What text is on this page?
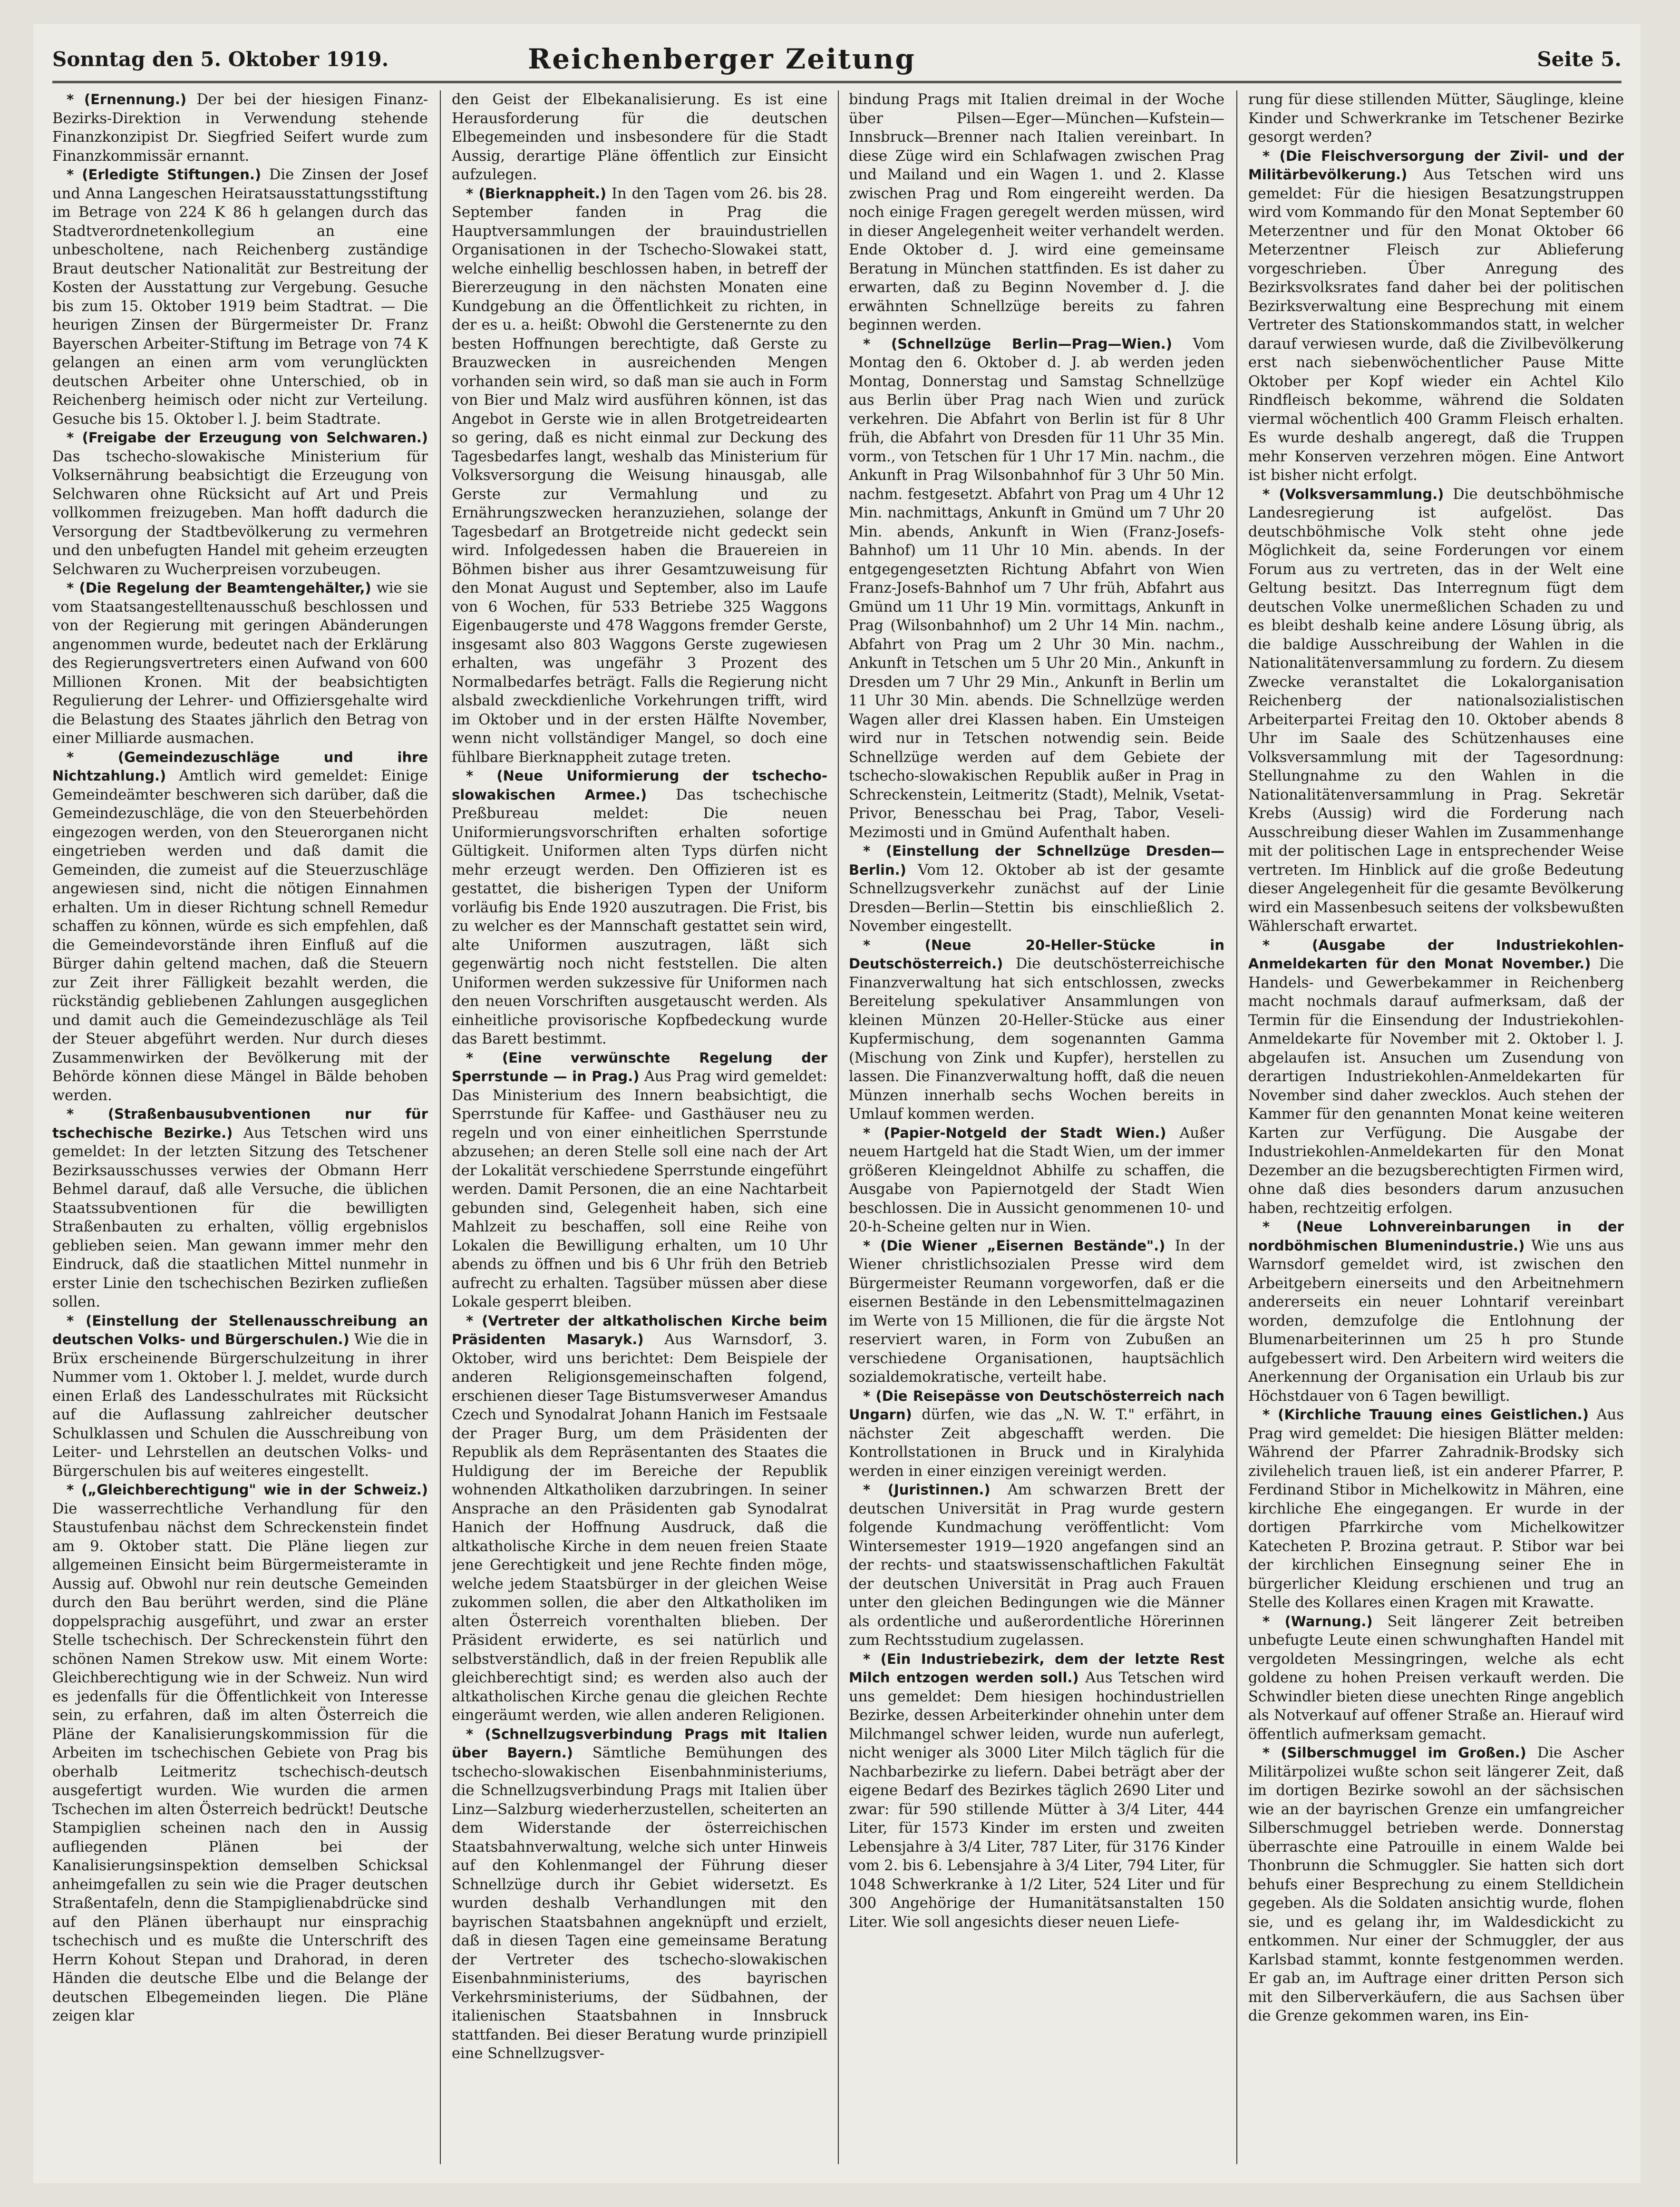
Sonntag den 5. Oktober 1919.	Reichenberger Zeitung	Seite 5.

* (Ernennung.) Der bei der hiesigen Finanz-Bezirks-Direktion in Verwendung stehende Finanzkonzipist Dr. Siegfried Seifert wurde zum Finanzkommissär ernannt.

* (Erledigte Stiftungen.) Die Zinsen der Josef und Anna Langeschen Heiratsausstattungsstiftung im Betrage von 224 K 86 h gelangen durch das Stadtverordnetenkollegium an eine unbescholtene, nach Reichenberg zuständige Braut deutscher Nationalität zur Bestreitung der Kosten der Ausstattung zur Vergebung. Gesuche bis zum 15. Oktober 1919 beim Stadtrat. — Die heurigen Zinsen der Bürgermeister Dr. Franz Bayerschen Arbeiter-Stiftung im Betrage von 74 K gelangen an einen arm vom verunglückten deutschen Arbeiter ohne Unterschied, ob in Reichenberg heimisch oder nicht zur Verteilung. Gesuche bis 15. Oktober l. J. beim Stadtrate.

* (Freigabe der Erzeugung von Selchwaren.) Das tschecho-slowakische Ministerium für Volksernährung beabsichtigt die Erzeugung von Selchwaren ohne Rücksicht auf Art und Preis vollkommen freizugeben. Man hofft dadurch die Versorgung der Stadtbevölkerung zu vermehren und den unbefugten Handel mit geheim erzeugten Selchwaren zu Wucherpreisen vorzubeugen.

* (Die Regelung der Beamtengehälter,) wie sie vom Staatsangestelltenausschuß beschlossen und von der Regierung mit geringen Abänderungen angenommen wurde, bedeutet nach der Erklärung des Regierungsvertreters einen Aufwand von 600 Millionen Kronen. Mit der beabsichtigten Regulierung der Lehrer- und Offiziersgehalte wird die Belastung des Staates jährlich den Betrag von einer Milliarde ausmachen.

* (Gemeindezuschläge und ihre Nichtzahlung.) Amtlich wird gemeldet: Einige Gemeindeämter beschweren sich darüber, daß die Gemeindezuschläge, die von den Steuerbehörden eingezogen werden, von den Steuerorganen nicht eingetrieben werden und daß damit die Gemeinden, die zumeist auf die Steuerzuschläge angewiesen sind, nicht die nötigen Einnahmen erhalten. Um in dieser Richtung schnell Remedur schaffen zu können, würde es sich empfehlen, daß die Gemeindevorstände ihren Einfluß auf die Bürger dahin geltend machen, daß die Steuern zur Zeit ihrer Fälligkeit bezahlt werden, die rückständig gebliebenen Zahlungen ausgeglichen und damit auch die Gemeindezuschläge als Teil der Steuer abgeführt werden. Nur durch dieses Zusammenwirken der Bevölkerung mit der Behörde können diese Mängel in Bälde behoben werden.

* (Straßenbausubventionen nur für tschechische Bezirke.) Aus Tetschen wird uns gemeldet: In der letzten Sitzung des Tetschener Bezirksausschusses verwies der Obmann Herr Behmel darauf, daß alle Versuche, die üblichen Staatssubventionen für die bewilligten Straßenbauten zu erhalten, völlig ergebnislos geblieben seien. Man gewann immer mehr den Eindruck, daß die staatlichen Mittel nunmehr in erster Linie den tschechischen Bezirken zufließen sollen.

* (Einstellung der Stellenausschreibung an deutschen Volks- und Bürgerschulen.) Wie die in Brüx erscheinende Bürgerschulzeitung in ihrer Nummer vom 1. Oktober l. J. meldet, wurde durch einen Erlaß des Landesschulrates mit Rücksicht auf die Auflassung zahlreicher deutscher Schulklassen und Schulen die Ausschreibung von Leiter- und Lehrstellen an deutschen Volks- und Bürgerschulen bis auf weiteres eingestellt.

* („Gleichberechtigung" wie in der Schweiz.) Die wasserrechtliche Verhandlung für den Staustufenbau nächst dem Schreckenstein findet am 9. Oktober statt. Die Pläne liegen zur allgemeinen Einsicht beim Bürgermeisteramte in Aussig auf. Obwohl nur rein deutsche Gemeinden durch den Bau berührt werden, sind die Pläne doppelsprachig ausgeführt, und zwar an erster Stelle tschechisch. Der Schreckenstein führt den schönen Namen Strekow usw. Mit einem Worte: Gleichberechtigung wie in der Schweiz. Nun wird es jedenfalls für die Öffentlichkeit von Interesse sein, zu erfahren, daß im alten Österreich die Pläne der Kanalisierungskommission für die Arbeiten im tschechischen Gebiete von Prag bis oberhalb Leitmeritz tschechisch-deutsch ausgefertigt wurden. Wie wurden die armen Tschechen im alten Österreich bedrückt! Deutsche Stampiglien scheinen nach den in Aussig aufliegenden Plänen bei der Kanalisierungsinspektion demselben Schicksal anheimgefallen zu sein wie die Prager deutschen Straßentafeln, denn die Stampiglienabdrücke sind auf den Plänen überhaupt nur einsprachig tschechisch und es mußte die Unterschrift des Herrn Kohout Stepan und Drahorad, in deren Händen die deutsche Elbe und die Belange der deutschen Elbegemeinden liegen. Die Pläne zeigen klar

den Geist der Elbekanalisierung. Es ist eine Herausforderung für die deutschen Elbegemeinden und insbesondere für die Stadt Aussig, derartige Pläne öffentlich zur Einsicht aufzulegen.

* (Bierknappheit.) In den Tagen vom 26. bis 28. September fanden in Prag die Hauptversammlungen der brauindustriellen Organisationen in der Tschecho-Slowakei statt, welche einhellig beschlossen haben, in betreff der Biererzeugung in den nächsten Monaten eine Kundgebung an die Öffentlichkeit zu richten, in der es u. a. heißt: Obwohl die Gerstenernte zu den besten Hoffnungen berechtigte, daß Gerste zu Brauzwecken in ausreichenden Mengen vorhanden sein wird, so daß man sie auch in Form von Bier und Malz wird ausführen können, ist das Angebot in Gerste wie in allen Brotgetreidearten so gering, daß es nicht einmal zur Deckung des Tagesbedarfes langt, weshalb das Ministerium für Volksversorgung die Weisung hinausgab, alle Gerste zur Vermahlung und zu Ernährungszwecken heranzuziehen, solange der Tagesbedarf an Brotgetreide nicht gedeckt sein wird. Infolgedessen haben die Brauereien in Böhmen bisher aus ihrer Gesamtzuweisung für den Monat August und September, also im Laufe von 6 Wochen, für 533 Betriebe 325 Waggons Eigenbaugerste und 478 Waggons fremder Gerste, insgesamt also 803 Waggons Gerste zugewiesen erhalten, was ungefähr 3 Prozent des Normalbedarfes beträgt. Falls die Regierung nicht alsbald zweckdienliche Vorkehrungen trifft, wird im Oktober und in der ersten Hälfte November, wenn nicht vollständiger Mangel, so doch eine fühlbare Bierknappheit zutage treten.

* (Neue Uniformierung der tschecho-slowakischen Armee.) Das tschechische Preßbureau meldet: Die neuen Uniformierungsvorschriften erhalten sofortige Gültigkeit. Uniformen alten Typs dürfen nicht mehr erzeugt werden. Den Offizieren ist es gestattet, die bisherigen Typen der Uniform vorläufig bis Ende 1920 auszutragen. Die Frist, bis zu welcher es der Mannschaft gestattet sein wird, alte Uniformen auszutragen, läßt sich gegenwärtig noch nicht feststellen. Die alten Uniformen werden sukzessive für Uniformen nach den neuen Vorschriften ausgetauscht werden. Als einheitliche provisorische Kopfbedeckung wurde das Barett bestimmt.

* (Eine verwünschte Regelung der Sperrstunde — in Prag.) Aus Prag wird gemeldet: Das Ministerium des Innern beabsichtigt, die Sperrstunde für Kaffee- und Gasthäuser neu zu regeln und von einer einheitlichen Sperrstunde abzusehen; an deren Stelle soll eine nach der Art der Lokalität verschiedene Sperrstunde eingeführt werden. Damit Personen, die an eine Nachtarbeit gebunden sind, Gelegenheit haben, sich eine Mahlzeit zu beschaffen, soll eine Reihe von Lokalen die Bewilligung erhalten, um 10 Uhr abends zu öffnen und bis 6 Uhr früh den Betrieb aufrecht zu erhalten. Tagsüber müssen aber diese Lokale gesperrt bleiben.

* (Vertreter der altkatholischen Kirche beim Präsidenten Masaryk.) Aus Warnsdorf, 3. Oktober, wird uns berichtet: Dem Beispiele der anderen Religionsgemeinschaften folgend, erschienen dieser Tage Bistumsverweser Amandus Czech und Synodalrat Johann Hanich im Festsaale der Prager Burg, um dem Präsidenten der Republik als dem Repräsentanten des Staates die Huldigung der im Bereiche der Republik wohnenden Altkatholiken darzubringen. In seiner Ansprache an den Präsidenten gab Synodalrat Hanich der Hoffnung Ausdruck, daß die altkatholische Kirche in dem neuen freien Staate jene Gerechtigkeit und jene Rechte finden möge, welche jedem Staatsbürger in der gleichen Weise zukommen sollen, die aber den Altkatholiken im alten Österreich vorenthalten blieben. Der Präsident erwiderte, es sei natürlich und selbstverständlich, daß in der freien Republik alle gleichberechtigt sind; es werden also auch der altkatholischen Kirche genau die gleichen Rechte eingeräumt werden, wie allen anderen Religionen.

* (Schnellzugsverbindung Prags mit Italien über Bayern.) Sämtliche Bemühungen des tschecho-slowakischen Eisenbahnministeriums, die Schnellzugsverbindung Prags mit Italien über Linz—Salzburg wiederherzustellen, scheiterten an dem Widerstande der österreichischen Staatsbahnverwaltung, welche sich unter Hinweis auf den Kohlenmangel der Führung dieser Schnellzüge durch ihr Gebiet widersetzt. Es wurden deshalb Verhandlungen mit den bayrischen Staatsbahnen angeknüpft und erzielt, daß in diesen Tagen eine gemeinsame Beratung der Vertreter des tschecho-slowakischen Eisenbahnministeriums, des bayrischen Verkehrsministeriums, der Südbahnen, der italienischen Staatsbahnen in Innsbruck stattfanden. Bei dieser Beratung wurde prinzipiell eine Schnellzugsver-

bindung Prags mit Italien dreimal in der Woche über Pilsen—Eger—München—Kufstein—Innsbruck—Brenner nach Italien vereinbart. In diese Züge wird ein Schlafwagen zwischen Prag und Mailand und ein Wagen 1. und 2. Klasse zwischen Prag und Rom eingereiht werden. Da noch einige Fragen geregelt werden müssen, wird in dieser Angelegenheit weiter verhandelt werden. Ende Oktober d. J. wird eine gemeinsame Beratung in München stattfinden. Es ist daher zu erwarten, daß zu Beginn November d. J. die erwähnten Schnellzüge bereits zu fahren beginnen werden.

* (Schnellzüge Berlin—Prag—Wien.) Vom Montag den 6. Oktober d. J. ab werden jeden Montag, Donnerstag und Samstag Schnellzüge aus Berlin über Prag nach Wien und zurück verkehren. Die Abfahrt von Berlin ist für 8 Uhr früh, die Abfahrt von Dresden für 11 Uhr 35 Min. vorm., von Tetschen für 1 Uhr 17 Min. nachm., die Ankunft in Prag Wilsonbahnhof für 3 Uhr 50 Min. nachm. festgesetzt. Abfahrt von Prag um 4 Uhr 12 Min. nachmittags, Ankunft in Gmünd um 7 Uhr 20 Min. abends, Ankunft in Wien (Franz-Josefs-Bahnhof) um 11 Uhr 10 Min. abends. In der entgegengesetzten Richtung Abfahrt von Wien Franz-Josefs-Bahnhof um 7 Uhr früh, Abfahrt aus Gmünd um 11 Uhr 19 Min. vormittags, Ankunft in Prag (Wilsonbahnhof) um 2 Uhr 14 Min. nachm., Abfahrt von Prag um 2 Uhr 30 Min. nachm., Ankunft in Tetschen um 5 Uhr 20 Min., Ankunft in Dresden um 7 Uhr 29 Min., Ankunft in Berlin um 11 Uhr 30 Min. abends. Die Schnellzüge werden Wagen aller drei Klassen haben. Ein Umsteigen wird nur in Tetschen notwendig sein. Beide Schnellzüge werden auf dem Gebiete der tschecho-slowakischen Republik außer in Prag in Schreckenstein, Leitmeritz (Stadt), Melnik, Vsetat-Privor, Benesschau bei Prag, Tabor, Veseli-Mezimosti und in Gmünd Aufenthalt haben.

* (Einstellung der Schnellzüge Dresden—Berlin.) Vom 12. Oktober ab ist der gesamte Schnellzugsverkehr zunächst auf der Linie Dresden—Berlin—Stettin bis einschließlich 2. November eingestellt.

* (Neue 20-Heller-Stücke in Deutschösterreich.) Die deutschösterreichische Finanzverwaltung hat sich entschlossen, zwecks Bereitelung spekulativer Ansammlungen von kleinen Münzen 20-Heller-Stücke aus einer Kupfermischung, dem sogenannten Gamma (Mischung von Zink und Kupfer), herstellen zu lassen. Die Finanzverwaltung hofft, daß die neuen Münzen innerhalb sechs Wochen bereits in Umlauf kommen werden.

* (Papier-Notgeld der Stadt Wien.) Außer neuem Hartgeld hat die Stadt Wien, um der immer größeren Kleingeldnot Abhilfe zu schaffen, die Ausgabe von Papiernotgeld der Stadt Wien beschlossen. Die in Aussicht genommenen 10- und 20-h-Scheine gelten nur in Wien.

* (Die Wiener „Eisernen Bestände".) In der Wiener christlichsozialen Presse wird dem Bürgermeister Reumann vorgeworfen, daß er die eisernen Bestände in den Lebensmittelmagazinen im Werte von 15 Millionen, die für die ärgste Not reserviert waren, in Form von Zubußen an verschiedene Organisationen, hauptsächlich sozialdemokratische, verteilt habe.

* (Die Reisepässe von Deutschösterreich nach Ungarn) dürfen, wie das „N. W. T." erfährt, in nächster Zeit abgeschafft werden. Die Kontrollstationen in Bruck und in Kiralyhida werden in einer einzigen vereinigt werden.

* (Juristinnen.) Am schwarzen Brett der deutschen Universität in Prag wurde gestern folgende Kundmachung veröffentlicht: Vom Wintersemester 1919—1920 angefangen sind an der rechts- und staatswissenschaftlichen Fakultät der deutschen Universität in Prag auch Frauen unter den gleichen Bedingungen wie die Männer als ordentliche und außerordentliche Hörerinnen zum Rechtsstudium zugelassen.

* (Ein Industriebezirk, dem der letzte Rest Milch entzogen werden soll.) Aus Tetschen wird uns gemeldet: Dem hiesigen hochindustriellen Bezirke, dessen Arbeiterkinder ohnehin unter dem Milchmangel schwer leiden, wurde nun auferlegt, nicht weniger als 3000 Liter Milch täglich für die Nachbarbezirke zu liefern. Dabei beträgt aber der eigene Bedarf des Bezirkes täglich 2690 Liter und zwar: für 590 stillende Mütter à 3/4 Liter, 444 Liter, für 1573 Kinder im ersten und zweiten Lebensjahre à 3/4 Liter, 787 Liter, für 3176 Kinder vom 2. bis 6. Lebensjahre à 3/4 Liter, 794 Liter, für 1048 Schwerkranke à 1/2 Liter, 524 Liter und für 300 Angehörige der Humanitätsanstalten 150 Liter. Wie soll angesichts dieser neuen Liefe-

rung für diese stillenden Mütter, Säuglinge, kleine Kinder und Schwerkranke im Tetschener Bezirke gesorgt werden?

* (Die Fleischversorgung der Zivil- und der Militärbevölkerung.) Aus Tetschen wird uns gemeldet: Für die hiesigen Besatzungstruppen wird vom Kommando für den Monat September 60 Meterzentner und für den Monat Oktober 66 Meterzentner Fleisch zur Ablieferung vorgeschrieben. Über Anregung des Bezirksvolksrates fand daher bei der politischen Bezirksverwaltung eine Besprechung mit einem Vertreter des Stationskommandos statt, in welcher darauf verwiesen wurde, daß die Zivilbevölkerung erst nach siebenwöchentlicher Pause Mitte Oktober per Kopf wieder ein Achtel Kilo Rindfleisch bekomme, während die Soldaten viermal wöchentlich 400 Gramm Fleisch erhalten. Es wurde deshalb angeregt, daß die Truppen mehr Konserven verzehren mögen. Eine Antwort ist bisher nicht erfolgt.

* (Volksversammlung.) Die deutschböhmische Landesregierung ist aufgelöst. Das deutschböhmische Volk steht ohne jede Möglichkeit da, seine Forderungen vor einem Forum aus zu vertreten, das in der Welt eine Geltung besitzt. Das Interregnum fügt dem deutschen Volke unermeßlichen Schaden zu und es bleibt deshalb keine andere Lösung übrig, als die baldige Ausschreibung der Wahlen in die Nationalitätenversammlung zu fordern. Zu diesem Zwecke veranstaltet die Lokalorganisation Reichenberg der nationalsozialistischen Arbeiterpartei Freitag den 10. Oktober abends 8 Uhr im Saale des Schützenhauses eine Volksversammlung mit der Tagesordnung: Stellungnahme zu den Wahlen in die Nationalitätenversammlung in Prag. Sekretär Krebs (Aussig) wird die Forderung nach Ausschreibung dieser Wahlen im Zusammenhange mit der politischen Lage in entsprechender Weise vertreten. Im Hinblick auf die große Bedeutung dieser Angelegenheit für die gesamte Bevölkerung wird ein Massenbesuch seitens der volksbewußten Wählerschaft erwartet.

* (Ausgabe der Industriekohlen-Anmeldekarten für den Monat November.) Die Handels- und Gewerbekammer in Reichenberg macht nochmals darauf aufmerksam, daß der Termin für die Einsendung der Industriekohlen-Anmeldekarte für November mit 2. Oktober l. J. abgelaufen ist. Ansuchen um Zusendung von derartigen Industriekohlen-Anmeldekarten für November sind daher zwecklos. Auch stehen der Kammer für den genannten Monat keine weiteren Karten zur Verfügung. Die Ausgabe der Industriekohlen-Anmeldekarten für den Monat Dezember an die bezugsberechtigten Firmen wird, ohne daß dies besonders darum anzusuchen haben, rechtzeitig erfolgen.

* (Neue Lohnvereinbarungen in der nordböhmischen Blumenindustrie.) Wie uns aus Warnsdorf gemeldet wird, ist zwischen den Arbeitgebern einerseits und den Arbeitnehmern andererseits ein neuer Lohntarif vereinbart worden, demzufolge die Entlohnung der Blumenarbeiterinnen um 25 h pro Stunde aufgebessert wird. Den Arbeitern wird weiters die Anerkennung der Organisation ein Urlaub bis zur Höchstdauer von 6 Tagen bewilligt.

* (Kirchliche Trauung eines Geistlichen.) Aus Prag wird gemeldet: Die hiesigen Blätter melden: Während der Pfarrer Zahradnik-Brodsky sich zivilehelich trauen ließ, ist ein anderer Pfarrer, P. Ferdinand Stibor in Michelkowitz in Mähren, eine kirchliche Ehe eingegangen. Er wurde in der dortigen Pfarrkirche vom Michelkowitzer Katecheten P. Brozina getraut. P. Stibor war bei der kirchlichen Einsegnung seiner Ehe in bürgerlicher Kleidung erschienen und trug an Stelle des Kollares einen Kragen mit Krawatte.

* (Warnung.) Seit längerer Zeit betreiben unbefugte Leute einen schwunghaften Handel mit vergoldeten Messingringen, welche als echt goldene zu hohen Preisen verkauft werden. Die Schwindler bieten diese unechten Ringe angeblich als Notverkauf auf offener Straße an. Hierauf wird öffentlich aufmerksam gemacht.

* (Silberschmuggel im Großen.) Die Ascher Militärpolizei wußte schon seit längerer Zeit, daß im dortigen Bezirke sowohl an der sächsischen wie an der bayrischen Grenze ein umfangreicher Silberschmuggel betrieben werde. Donnerstag überraschte eine Patrouille in einem Walde bei Thonbrunn die Schmuggler. Sie hatten sich dort behufs einer Besprechung zu einem Stelldichein gegeben. Als die Soldaten ansichtig wurde, flohen sie, und es gelang ihr, im Waldesdickicht zu entkommen. Nur einer der Schmuggler, der aus Karlsbad stammt, konnte festgenommen werden. Er gab an, im Auftrage einer dritten Person sich mit den Silberverkäufern, die aus Sachsen über die Grenze gekommen waren, ins Ein-
